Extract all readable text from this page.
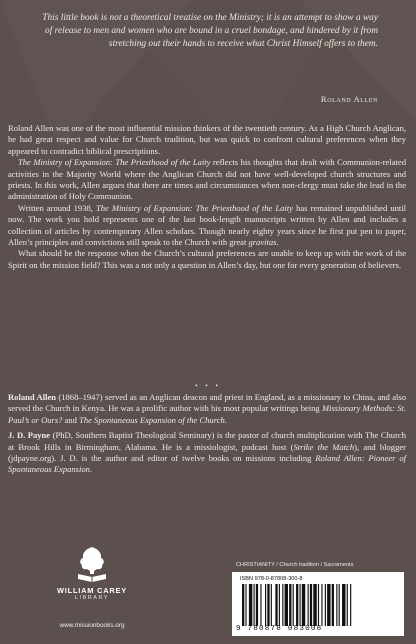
This little book is not a theoretical treatise on the Ministry; it is an attempt to show a way of release to men and women who are bound in a cruel bondage, and hindered by it from stretching out their hands to receive what Christ Himself offers to them.
Roland Allen

Roland Allen was one of the most influential mission thinkers of the twentieth century. As a High Church Anglican, he had great respect and value for Church tradition, but was quick to confront cultural preferences when they appeared to contradict biblical prescriptions.

The Ministry of Expansion: The Priesthood of the Laity reflects his thoughts that dealt with Communion-related activities in the Majority World where the Anglican Church did not have well-developed church structures and priests. In this work, Allen argues that there are times and circumstances when non-clergy must take the lead in the administration of Holy Communion.

Written around 1938, The Ministry of Expansion: The Priesthood of the Laity has remained unpublished until now. The work you hold represents one of the last book-length manuscripts written by Allen and includes a collection of articles by contemporary Allen scholars. Though nearly eighty years since he first put pen to paper, Allen’s principles and convictions still speak to the Church with great gravitas.

What should be the response when the Church’s cultural preferences are unable to keep up with the work of the Spirit on the mission field? This was a not only a question in Allen’s day, but one for every generation of believers.

• • •

Roland Allen (1868–1947) served as an Anglican deacon and priest in England, as a missionary to China, and also served the Church in Kenya. He was a prolific author with his most popular writings being Missionary Methods: St. Paul’s or Ours? and The Spontaneous Expansion of the Church.

J. D. Payne (PhD, Southern Baptist Theological Seminary) is the pastor of church multiplication with The Church at Brook Hills in Birmingham, Alabama. He is a missiologist, podcast host (Strike the Match), and blogger (jdpayne.org). J. D. is the author and editor of twelve books on missions including Roland Allen: Pioneer of Spontaneous Expansion.

WILLIAM CAREY
LIBRARY
www.missionbooks.org
CHRISTIANITY / Church tradition / Sacraments
ISBN 978-0-87808-300-8
9 780878 083008
